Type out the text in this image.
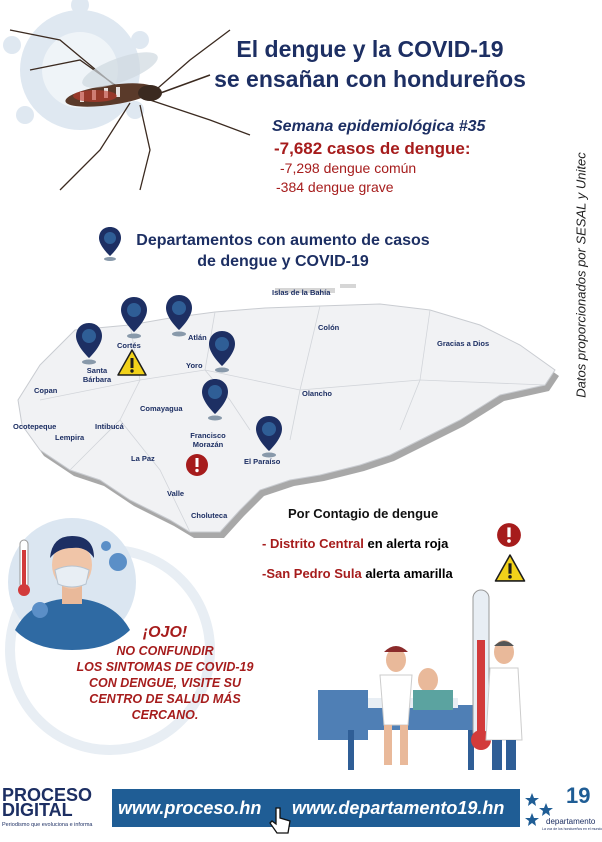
El dengue y la COVID-19
se ensañan con hondureños
Semana epidemiológica #35
-7,682 casos de dengue:
-7,298 dengue común
-384 dengue grave	Datos proporcionados por SESAL y Unitec
Departamentos con aumento de casos
de dengue y COVID-19
Islas de la Bahía
Atlán
Colón
Gracias a Dios
Cortés
Yoro
Santa Bárbara
Copan	Olancho
Comayagua
Ocotepeque	Intibucá
Lempira	Francisco Morazán
La Paz	El Paraíso
Valle
Choluteca	Por Contagio de dengue
- Distrito Central en alerta roja
-San Pedro Sula alerta amarilla
¡OJO!
NO CONFUNDIR
LOS SINTOMAS DE COVID-19
CON DENGUE, VISITE SU
CENTRO DE SALUD MÁS
CERCANO.
PROCESO
DIGITAL
Periodismo que evoluciona e informa
www.proceso.hn www.departamento19.hn	19
departamento
La voz de los hondureños en el mundo
